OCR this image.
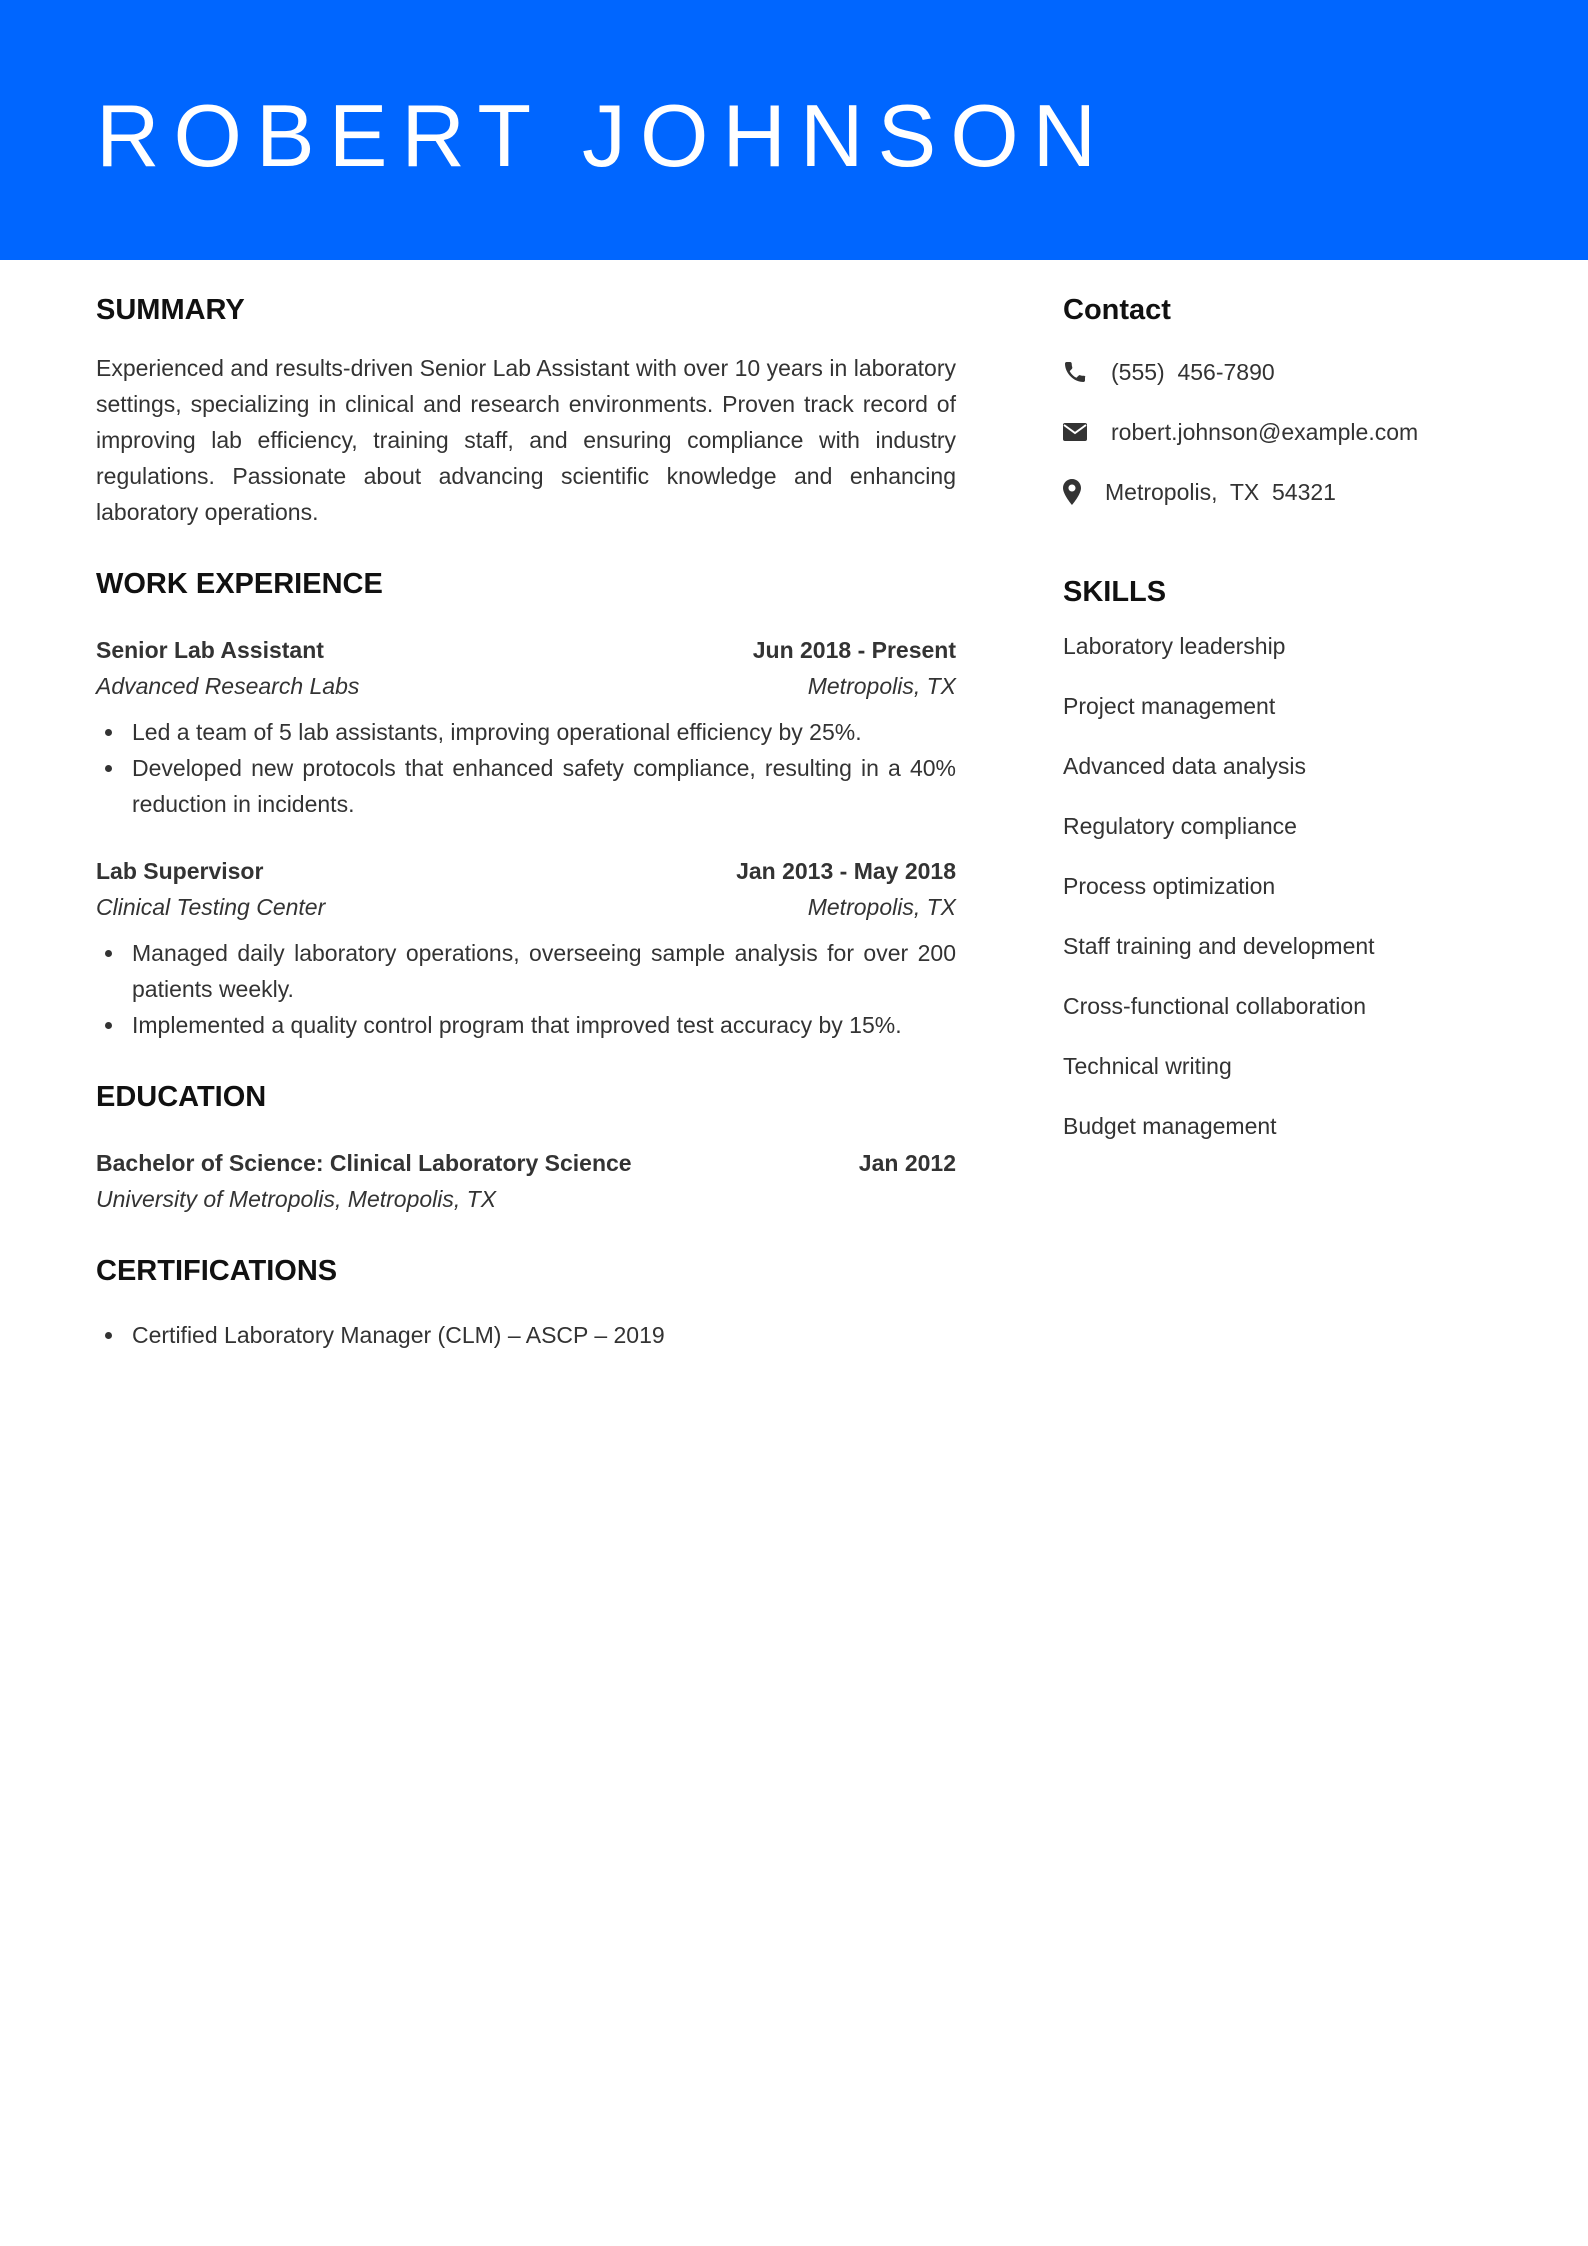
ROBERT JOHNSON
SUMMARY

Experienced and results-driven Senior Lab Assistant with over 10 years in laboratory settings, specializing in clinical and research environments. Proven track record of improving lab efficiency, training staff, and ensuring compliance with industry regulations. Passionate about advancing scientific knowledge and enhancing laboratory operations.

WORK EXPERIENCE
Senior Lab Assistant	Jun 2018 - Present
Advanced Research Labs	Metropolis, TX
Led a team of 5 lab assistants, improving operational efficiency by 25%.
Developed new protocols that enhanced safety compliance, resulting in a 40% reduction in incidents.
Lab Supervisor	Jan 2013 - May 2018
Clinical Testing Center	Metropolis, TX
Managed daily laboratory operations, overseeing sample analysis for over 200 patients weekly.
Implemented a quality control program that improved test accuracy by 15%.
EDUCATION
Bachelor of Science: Clinical Laboratory Science	Jan 2012
University of Metropolis, Metropolis, TX
CERTIFICATIONS
Certified Laboratory Manager (CLM) – ASCP – 2019
Contact
(555)  456-7890
robert.johnson@example.com
Metropolis,  TX  54321
SKILLS
Laboratory leadership
Project management
Advanced data analysis
Regulatory compliance
Process optimization
Staff training and development
Cross-functional collaboration
Technical writing
Budget management
